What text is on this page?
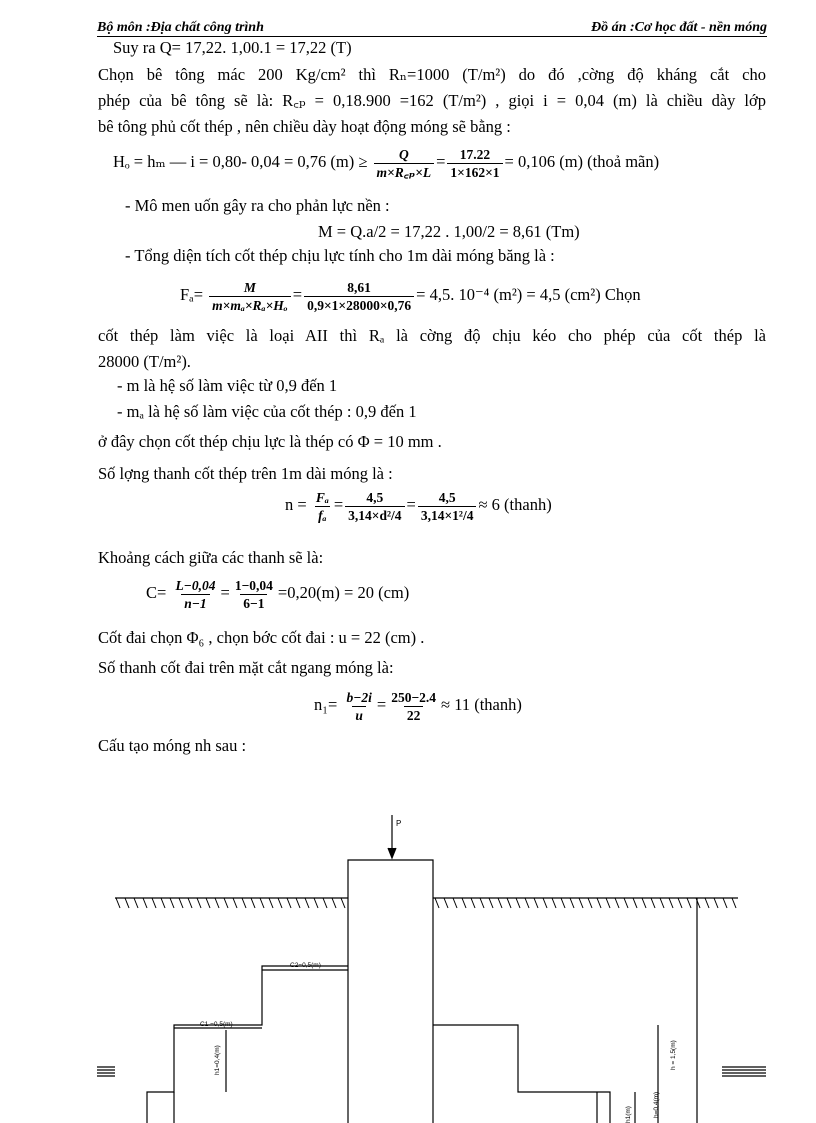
Bộ môn :Địa chất công trình	Đồ án :Cơ học đất - nền móng
Suy ra Q= 17,22. 1,00.1 = 17,22 (T)
Chọn bê tông mác 200 Kg/cm² thì Rₙ=1000 (T/m²) do đó ,cờng độ kháng cắt cho
phép của bê tông sẽ là: R꜀ₚ = 0,18.900 =162 (T/m²) , giọi i = 0,04 (m) là chiều dày lớp
bê tông phủ cốt thép , nên chiều dày hoạt động móng sẽ bằng :
Hₒ = hₘ — i = 0,80- 0,04 = 0,76 $(m) \ge \frac{Q}{\text{m×R꜀ₚ×L}} = \frac{17.22}{1\times 162\times 1} = 0,106$ (m) (thoả mãn)
- Mô men uốn gây ra cho phản lực nền :
M = Q.a/2 = 17,22 . 1,00/2 = 8,61 (Tm)
- Tổng diện tích cốt thép chịu lực tính cho 1m dài móng băng là :
$F_a= \frac{M}{\text{m×mₐ×Rₐ×Hₒ}} = \frac{8,61}{0,9\times 1\times 28000\times 0,76} = 4,5$. 10⁻⁴ (m²) = 4,5 (cm²) Chọn
cốt thép làm việc là loại AII thì Rₐ là cờng độ chịu kéo cho phép của cốt thép là
28000 (T/m²).
- m là hệ số làm việc từ 0,9 đến 1
- mₐ là hệ số làm việc của cốt thép : 0,9 đến 1
ở đây chọn cốt thép chịu lực là thép có Φ = 10 mm .
Số lợng thanh cốt thép trên 1m dài móng là :
$n = \frac{\text{Fₐ}}{\text{fₐ}} = \frac{4,5}{\text{3,14×d²/4}} = \frac{4,5}{\text{3,14×1²/4}} \approx 6$ (thanh)
Khoảng cách giữa các thanh sẽ là:
$C= \frac{L-0,04}{n-1} = \frac{1-0,04}{6-1} =0,20(m) = 20$ (cm)
Cốt đai chọn Φ₆ , chọn bớc cốt đai : u = 22 (cm) .
Số thanh cốt đai trên mặt cắt ngang móng là:
$n_1= \frac{b-2i}{u} = \frac{250-2.4}{22} \approx 11$ (thanh)
Cấu tạo móng nh sau :
P
C2=0,5(m)
C1 =0,5(m)
h1=0,4(m)	h = 1,5(m)
h=0,4(m)
h1(m)
